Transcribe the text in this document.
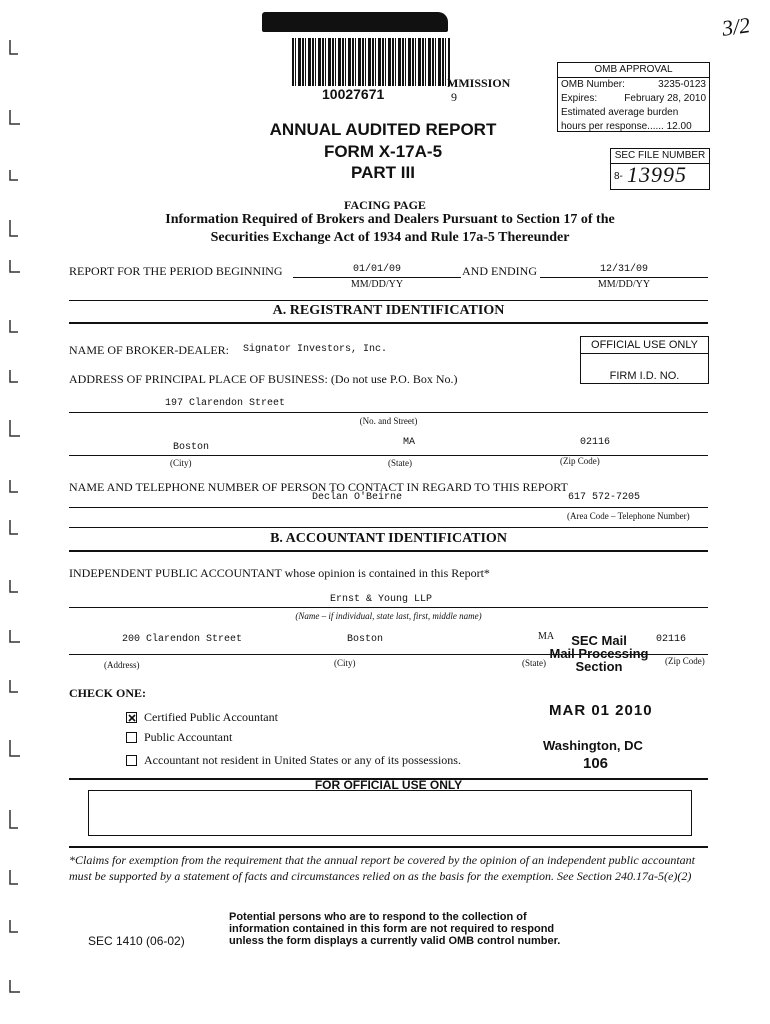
10027671
MMISSION
9
3/2
ANNUAL AUDITED REPORT
FORM X-17A-5
PART III
OMB APPROVAL
OMB Number:	3235-0123
Expires:	February 28, 2010
Estimated average burden
hours per response...... 12.00
SEC FILE NUMBER
8- 13995
FACING PAGE
Information Required of Brokers and Dealers Pursuant to Section 17 of the
Securities Exchange Act of 1934 and Rule 17a-5 Thereunder
REPORT FOR THE PERIOD BEGINNING	01/01/09
MM/DD/YY
AND ENDING	12/31/09
MM/DD/YY
A. REGISTRANT IDENTIFICATION
NAME OF BROKER-DEALER: Signator Investors, Inc.	OFFICIAL USE ONLY
FIRM I.D. NO.
ADDRESS OF PRINCIPAL PLACE OF BUSINESS: (Do not use P.O. Box No.)
197 Clarendon Street
(No. and Street)
Boston	MA	02116
(City)	(State)	(Zip Code)
NAME AND TELEPHONE NUMBER OF PERSON TO CONTACT IN REGARD TO THIS REPORT
Declan O'Beirne	617 572-7205
(Area Code – Telephone Number)
B. ACCOUNTANT IDENTIFICATION
INDEPENDENT PUBLIC ACCOUNTANT whose opinion is contained in this Report*
Ernst & Young LLP
(Name – if individual, state last, first, middle name)
200 Clarendon Street	Boston	MA	02116
(Address)	(City)	(State)	(Zip Code)
SEC Mail
Mail Processing
Section
MAR 01 2010
Washington, DC
106
CHECK ONE:
Certified Public Accountant
Public Accountant
Accountant not resident in United States or any of its possessions.
FOR OFFICIAL USE ONLY
*Claims for exemption from the requirement that the annual report be covered by the opinion of an independent public accountant must be supported by a statement of facts and circumstances relied on as the basis for the exemption. See Section 240.17a-5(e)(2)
SEC 1410 (06-02)
Potential persons who are to respond to the collection of
information contained in this form are not required to respond
unless the form displays a currently valid OMB control number.
